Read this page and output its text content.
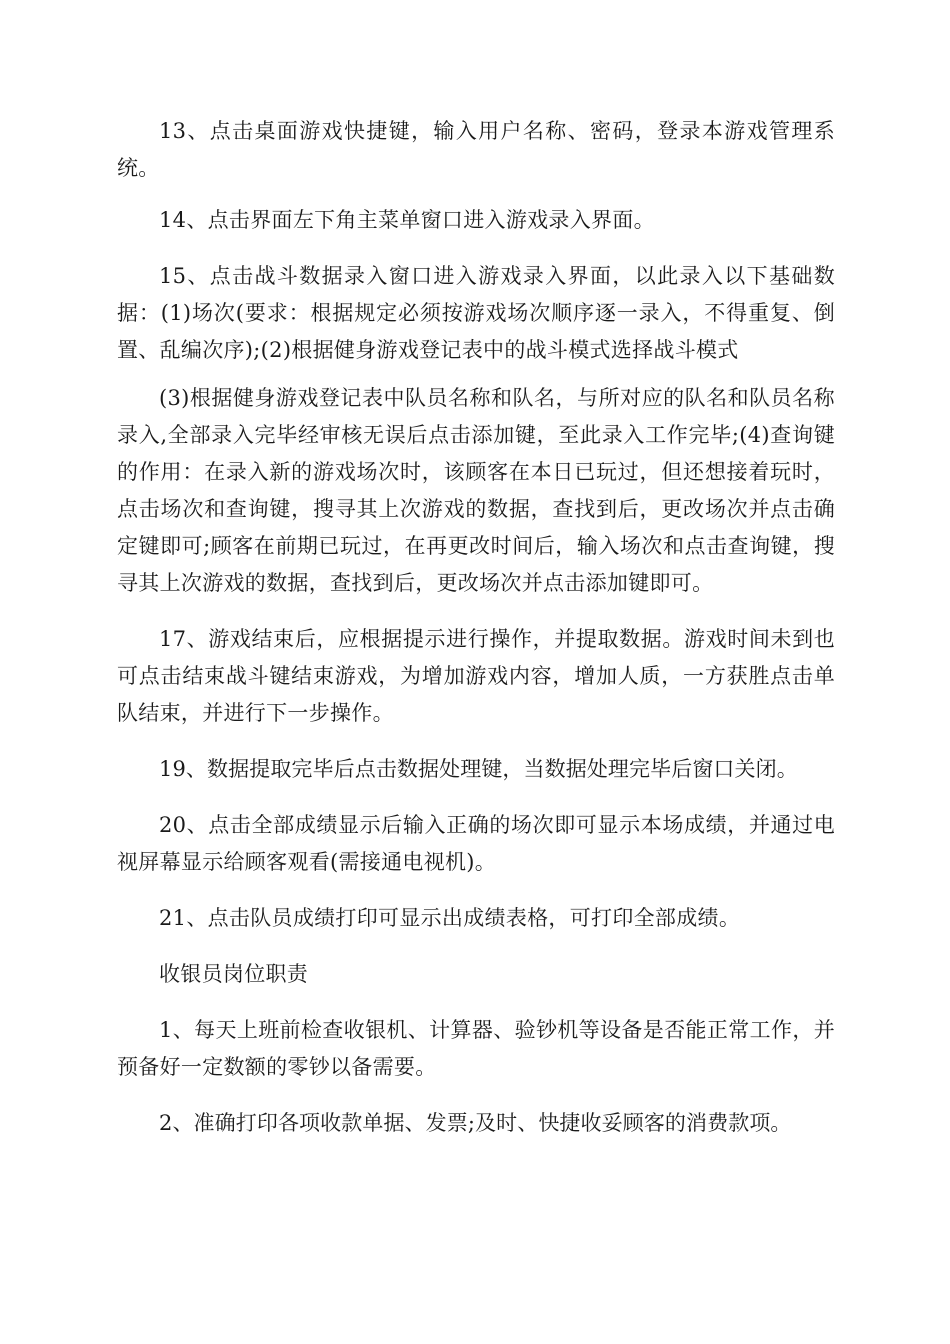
13、点击桌面游戏快捷键，输入用户名称、密码，登录本游戏管理系统。

14、点击界面左下角主菜单窗口进入游戏录入界面。

15、点击战斗数据录入窗口进入游戏录入界面，以此录入以下基础数据：(1)场次(要求：根据规定必须按游戏场次顺序逐一录入，不得重复、倒置、乱编次序);(2)根据健身游戏登记表中的战斗模式选择战斗模式

(3)根据健身游戏登记表中队员名称和队名，与所对应的队名和队员名称录入,全部录入完毕经审核无误后点击添加键，至此录入工作完毕;(4)查询键的作用：在录入新的游戏场次时，该顾客在本日已玩过，但还想接着玩时，点击场次和查询键，搜寻其上次游戏的数据，查找到后，更改场次并点击确定键即可;顾客在前期已玩过，在再更改时间后，输入场次和点击查询键，搜寻其上次游戏的数据，查找到后，更改场次并点击添加键即可。

17、游戏结束后，应根据提示进行操作，并提取数据。游戏时间未到也可点击结束战斗键结束游戏，为增加游戏内容，增加人质，一方获胜点击单队结束，并进行下一步操作。

19、数据提取完毕后点击数据处理键，当数据处理完毕后窗口关闭。

20、点击全部成绩显示后输入正确的场次即可显示本场成绩，并通过电视屏幕显示给顾客观看(需接通电视机)。

21、点击队员成绩打印可显示出成绩表格，可打印全部成绩。

收银员岗位职责

1、每天上班前检查收银机、计算器、验钞机等设备是否能正常工作，并预备好一定数额的零钞以备需要。

2、准确打印各项收款单据、发票;及时、快捷收妥顾客的消费款项。
